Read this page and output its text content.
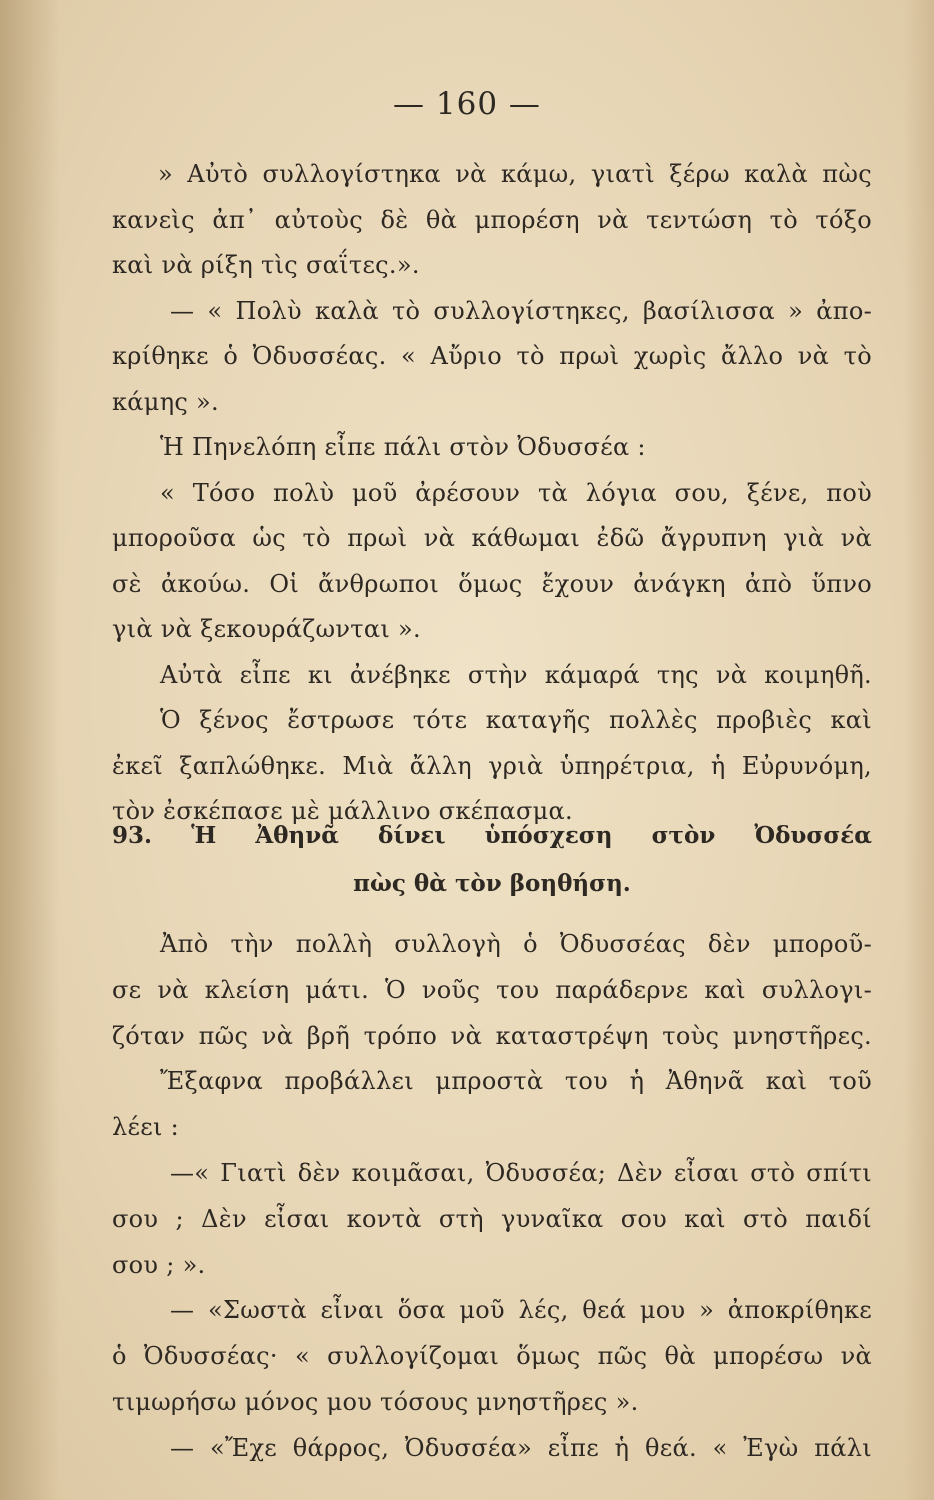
— 160 —
» Αὐτὸ συλλογίστηκα νὰ κάμω, γιατὶ ξέρω καλὰ πὼς
κανεὶς ἀπ᾽ αὐτοὺς δὲ θὰ μπορέση νὰ τεντώση τὸ τόξο
καὶ νὰ ρίξη τὶς σαΐτες.».
— « Πολὺ καλὰ τὸ συλλογίστηκες, βασίλισσα » ἀπο-
κρίθηκε ὁ Ὀδυσσέας. « Αὔριο τὸ πρωὶ χωρὶς ἄλλο νὰ τὸ
κάμης ».
Ἡ Πηνελόπη εἶπε πάλι στὸν Ὀδυσσέα :
« Τόσο πολὺ μοῦ ἀρέσουν τὰ λόγια σου, ξένε, ποὺ
μποροῦσα ὡς τὸ πρωὶ νὰ κάθωμαι ἐδῶ ἄγρυπνη γιὰ νὰ
σὲ ἀκούω. Οἱ ἄνθρωποι ὅμως ἔχουν ἀνάγκη ἀπὸ ὕπνο
γιὰ νὰ ξεκουράζωνται ».
Αὐτὰ εἶπε κι ἀνέβηκε στὴν κάμαρά της νὰ κοιμηθῆ.
Ὁ ξένος ἔστρωσε τότε καταγῆς πολλὲς προβιὲς καὶ
ἐκεῖ ξαπλώθηκε. Μιὰ ἄλλη γριὰ ὑπηρέτρια, ἡ Εὐρυνόμη,
τὸν ἐσκέπασε μὲ μάλλινο σκέπασμα.
93. Ἡ Ἀθηνᾶ δίνει ὑπόσχεση στὸν Ὀδυσσέα
πὼς θὰ τὸν βοηθήση.
Ἀπὸ τὴν πολλὴ συλλογὴ ὁ Ὀδυσσέας δὲν μποροῦ-
σε νὰ κλείση μάτι. Ὁ νοῦς του παράδερνε καὶ συλλογι-
ζόταν πῶς νὰ βρῆ τρόπο νὰ καταστρέψη τοὺς μνηστῆρες.
Ἔξαφνα προβάλλει μπροστὰ του ἡ Ἀθηνᾶ καὶ τοῦ
λέει :
—« Γιατὶ δὲν κοιμᾶσαι, Ὀδυσσέα; Δὲν εἶσαι στὸ σπίτι
σου ; Δὲν εἶσαι κοντὰ στὴ γυναῖκα σου καὶ στὸ παιδί
σου ; ».
— «Σωστὰ εἶναι ὅσα μοῦ λές, θεά μου » ἀποκρίθηκε
ὁ Ὀδυσσέας· « συλλογίζομαι ὅμως πῶς θὰ μπορέσω νὰ
τιμωρήσω μόνος μου τόσους μνηστῆρες ».
— «Ἔχε θάρρος, Ὀδυσσέα» εἶπε ἡ θεά. « Ἐγὼ πάλι
